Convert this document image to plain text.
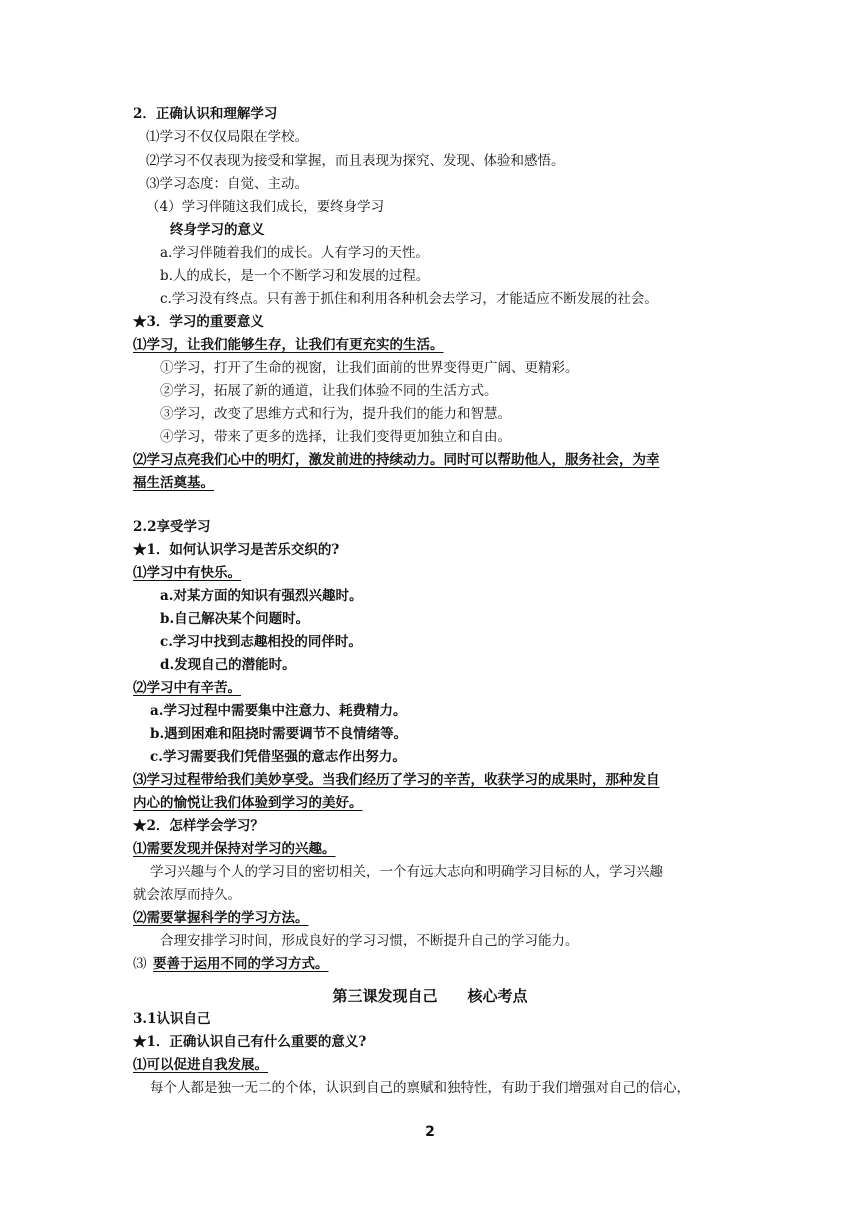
2．正确认识和理解学习
⑴学习不仅仅局限在学校。
⑵学习不仅表现为接受和掌握，而且表现为探究、发现、体验和感悟。
⑶学习态度：自觉、主动。
（4）学习伴随这我们成长，要终身学习
终身学习的意义
a.学习伴随着我们的成长。人有学习的天性。
b.人的成长，是一个不断学习和发展的过程。
c.学习没有终点。只有善于抓住和利用各种机会去学习，才能适应不断发展的社会。
★3．学习的重要意义
⑴学习，让我们能够生存，让我们有更充实的生活。
①学习，打开了生命的视窗，让我们面前的世界变得更广阔、更精彩。
②学习，拓展了新的通道，让我们体验不同的生活方式。
③学习，改变了思维方式和行为，提升我们的能力和智慧。
④学习，带来了更多的选择，让我们变得更加独立和自由。
⑵学习点亮我们心中的明灯，激发前进的持续动力。同时可以帮助他人，服务社会，为幸
福生活奠基。
2.2享受学习
★1．如何认识学习是苦乐交织的?
⑴学习中有快乐。
a.对某方面的知识有强烈兴趣时。
b.自己解决某个问题时。
c.学习中找到志趣相投的同伴时。
d.发现自己的潜能时。
⑵学习中有辛苦。
a.学习过程中需要集中注意力、耗费精力。
b.遇到困难和阻挠时需要调节不良情绪等。
c.学习需要我们凭借坚强的意志作出努力。
⑶学习过程带给我们美妙享受。当我们经历了学习的辛苦，收获学习的成果时，那种发自
内心的愉悦让我们体验到学习的美好。
★2．怎样学会学习？
⑴需要发现并保持对学习的兴趣。
学习兴趣与个人的学习目的密切相关，一个有远大志向和明确学习目标的人，学习兴趣
就会浓厚而持久。
⑵需要掌握科学的学习方法。
合理安排学习时间，形成良好的学习习惯，不断提升自己的学习能力。
⑶ 要善于运用不同的学习方式。
第三课发现自己　　核心考点
3.1认识自己
★1．正确认识自己有什么重要的意义?
⑴可以促进自我发展。
每个人都是独一无二的个体，认识到自己的禀赋和独特性，有助于我们增强对自己的信心，
2
